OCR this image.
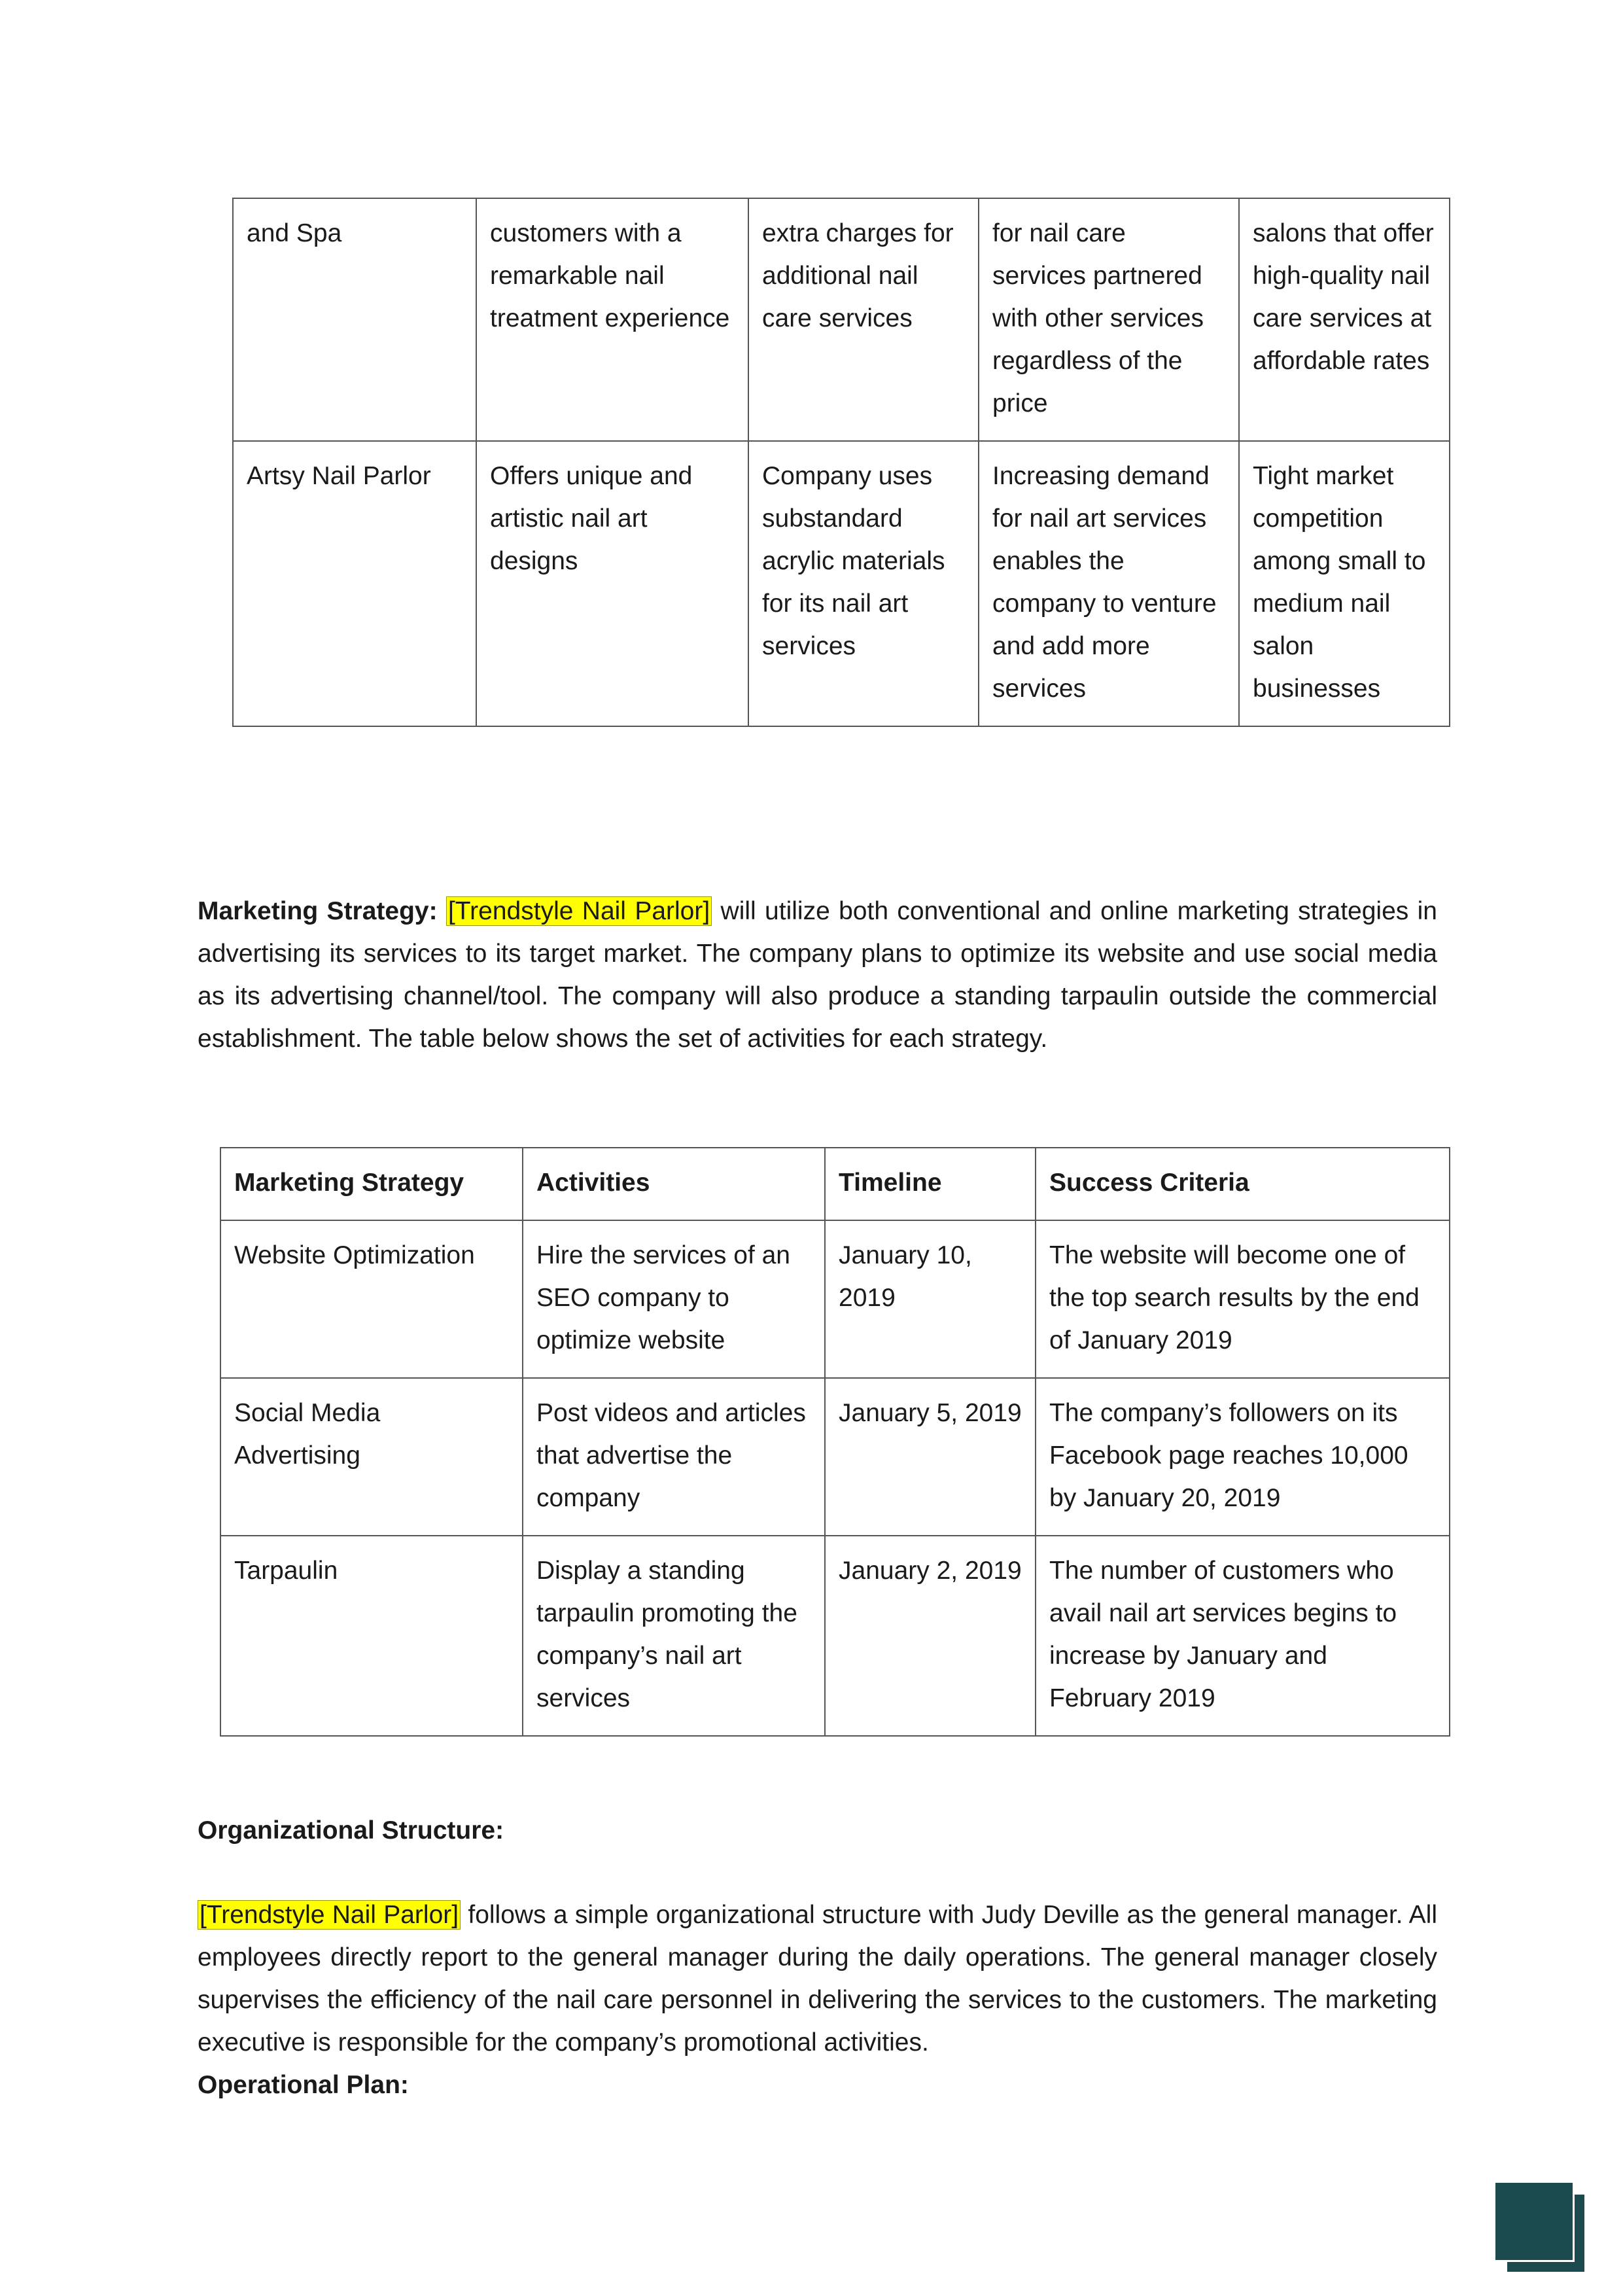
and Spa	customers with a remarkable nail treatment experience	extra charges for additional nail care services	for nail care services partnered with other services regardless of the price	salons that offer high-quality nail care services at affordable rates
Artsy Nail Parlor	Offers unique and artistic nail art designs	Company uses substandard acrylic materials for its nail art services	Increasing demand for nail art services enables the company to venture and add more services	Tight market competition among small to medium nail salon businesses

Marketing Strategy: [Trendstyle Nail Parlor] will utilize both conventional and online marketing strategies in advertising its services to its target market. The company plans to optimize its website and use social media as its advertising channel/tool. The company will also produce a standing tarpaulin outside the commercial establishment. The table below shows the set of activities for each strategy.

Marketing Strategy	Activities	Timeline	Success Criteria
Website Optimization	Hire the services of an SEO company to optimize website	January 10, 2019	The website will become one of the top search results by the end of January 2019
Social Media Advertising	Post videos and articles that advertise the company	January 5, 2019	The company’s followers on its Facebook page reaches 10,000 by January 20, 2019
Tarpaulin	Display a standing tarpaulin promoting the company’s nail art services	January 2, 2019	The number of customers who avail nail art services begins to increase by January and February 2019

Organizational Structure:

[Trendstyle Nail Parlor] follows a simple organizational structure with Judy Deville as the general manager. All employees directly report to the general manager during the daily operations. The general manager closely supervises the efficiency of the nail care personnel in delivering the services to the customers. The marketing executive is responsible for the company’s promotional activities.

Operational Plan:
